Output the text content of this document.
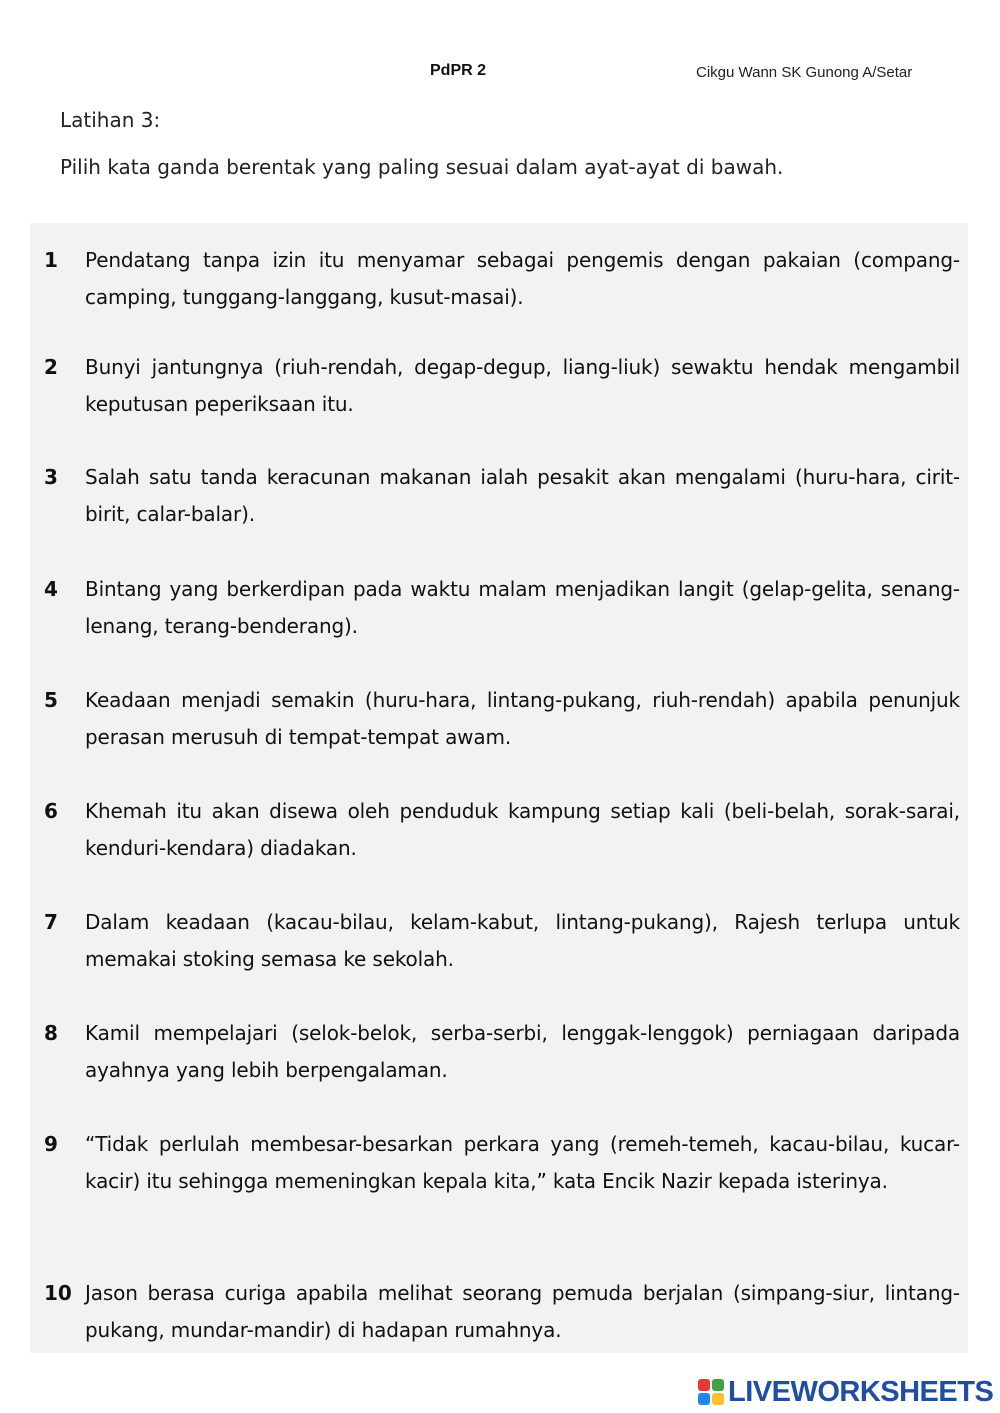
PdPR 2	Cikgu Wann SK Gunong A/Setar
Latihan 3:
Pilih kata ganda berentak yang paling sesuai dalam ayat-ayat di bawah.
1	Pendatang tanpa izin itu menyamar sebagai pengemis dengan pakaian (compang-camping, tunggang-langgang, kusut-masai).
2	Bunyi jantungnya (riuh-rendah, degap-degup, liang-liuk) sewaktu hendak mengambil keputusan peperiksaan itu.
3	Salah satu tanda keracunan makanan ialah pesakit akan mengalami (huru-hara, cirit-birit, calar-balar).
4	Bintang yang berkerdipan pada waktu malam menjadikan langit (gelap-gelita, senang-lenang, terang-benderang).
5	Keadaan menjadi semakin (huru-hara, lintang-pukang, riuh-rendah) apabila penunjuk perasan merusuh di tempat-tempat awam.
6	Khemah itu akan disewa oleh penduduk kampung setiap kali (beli-belah, sorak-sarai, kenduri-kendara) diadakan.
7	Dalam keadaan (kacau-bilau, kelam-kabut, lintang-pukang), Rajesh terlupa untuk memakai stoking semasa ke sekolah.
8	Kamil mempelajari (selok-belok, serba-serbi, lenggak-lenggok) perniagaan daripada ayahnya yang lebih berpengalaman.
9	“Tidak perlulah membesar-besarkan perkara yang (remeh-temeh, kacau-bilau, kucar-kacir) itu sehingga memeningkan kepala kita,” kata Encik Nazir kepada isterinya.
10 Jason berasa curiga apabila melihat seorang pemuda berjalan (simpang-siur, lintang-pukang, mundar-mandir) di hadapan rumahnya.
LIVEWORKSHEETS
